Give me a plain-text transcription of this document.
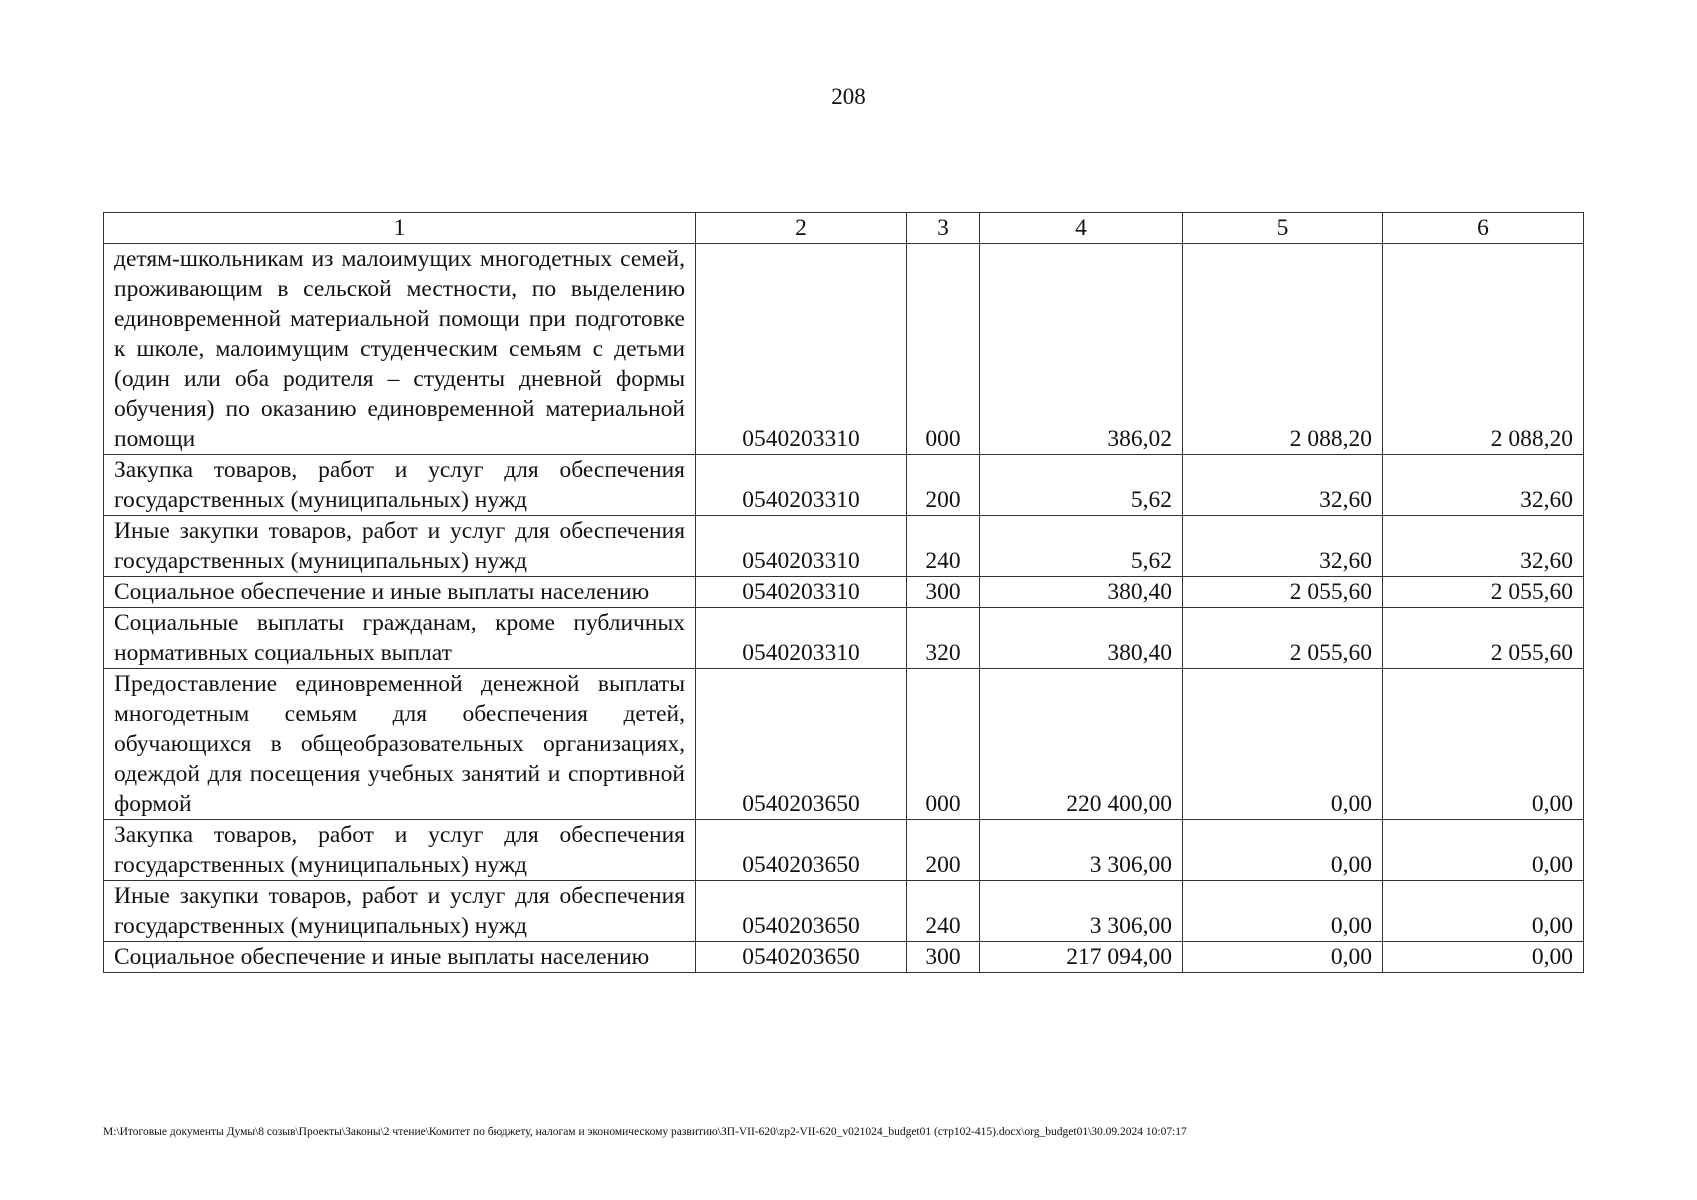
208
1	2	3	4	5	6
детям-школьникам из малоимущих многодетных семей, проживающим в сельской местности, по выделению единовременной материальной помощи при подготовке к школе, малоимущим студенческим семьям с детьми (один или оба родителя – студенты дневной формы обучения) по оказанию единовременной материальной помощи	0540203310	000	386,02	2 088,20	2 088,20
Закупка товаров, работ и услуг для обеспечения государственных (муниципальных) нужд	0540203310	200	5,62	32,60	32,60
Иные закупки товаров, работ и услуг для обеспечения государственных (муниципальных) нужд	0540203310	240	5,62	32,60	32,60
Социальное обеспечение и иные выплаты населению	0540203310	300	380,40	2 055,60	2 055,60
Социальные выплаты гражданам, кроме публичных нормативных социальных выплат	0540203310	320	380,40	2 055,60	2 055,60
Предоставление единовременной денежной выплаты многодетным семьям для обеспечения детей, обучающихся в общеобразовательных организациях, одеждой для посещения учебных занятий и спортивной формой	0540203650	000	220 400,00	0,00	0,00
Закупка товаров, работ и услуг для обеспечения государственных (муниципальных) нужд	0540203650	200	3 306,00	0,00	0,00
Иные закупки товаров, работ и услуг для обеспечения государственных (муниципальных) нужд	0540203650	240	3 306,00	0,00	0,00
Социальное обеспечение и иные выплаты населению	0540203650	300	217 094,00	0,00	0,00
M:\Итоговые документы Думы\8 созыв\Проекты\Законы\2 чтение\Комитет по бюджету, налогам и экономическому развитию\ЗП-VII-620\zp2-VII-620_v021024_budget01 (стр102-415).docx\org_budget01\30.09.2024 10:07:17
